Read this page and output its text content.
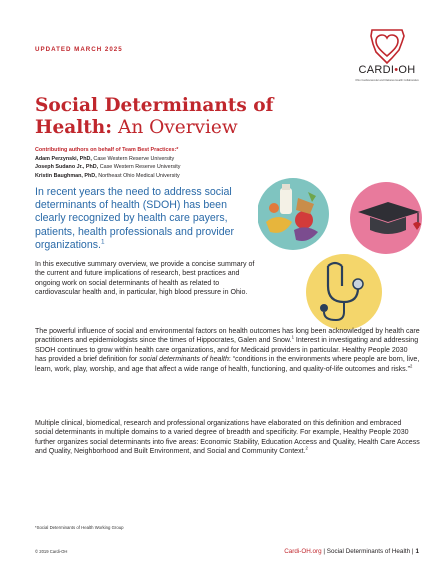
UPDATED MARCH 2025
CARDI•OH
Ohio Cardiovascular and Diabetes Health Collaborative
Social Determinants of Health: An Overview
Contributing authors on behalf of Team Best Practices:*
Adam Perzynski, PhD, Case Western Reserve University
Joseph Sudano Jr., PhD, Case Western Reserve University
Kristin Baughman, PhD, Northeast Ohio Medical University
In recent years the need to address social determinants of health (SDOH) has been clearly recognized by health care payers, patients, health professionals and provider organizations.$^1$
In this executive summary overview, we provide a concise summary of the current and future implications of research, best practices and ongoing work on social determinants of health as related to cardiovascular health and, in particular, high blood pressure in Ohio.
The powerful influence of social and environmental factors on health outcomes has long been acknowledged by health care practitioners and epidemiologists since the times of Hippocrates, Galen and Snow.$^1$ Interest in investigating and addressing SDOH continues to grow within health care organizations, and for Medicaid providers in particular. Healthy People 2030 has provided a brief definition for social determinants of health: “conditions in the environments where people are born, live, learn, work, play, worship, and age that affect a wide range of health, functioning, and quality-of-life outcomes and risks.”$^2$
Multiple clinical, biomedical, research and professional organizations have elaborated on this definition and embraced social determinants in multiple domains to a varied degree of breadth and specificity. For example, Healthy People 2030 further organizes social determinants into five areas: Economic Stability, Education Access and Quality, Health Care Access and Quality, Neighborhood and Built Environment, and Social and Community Context.$^2$
*Social Determinants of Health Working Group
© 2019 Cardi-OH	Cardi-OH.org | Social Determinants of Health | 1
